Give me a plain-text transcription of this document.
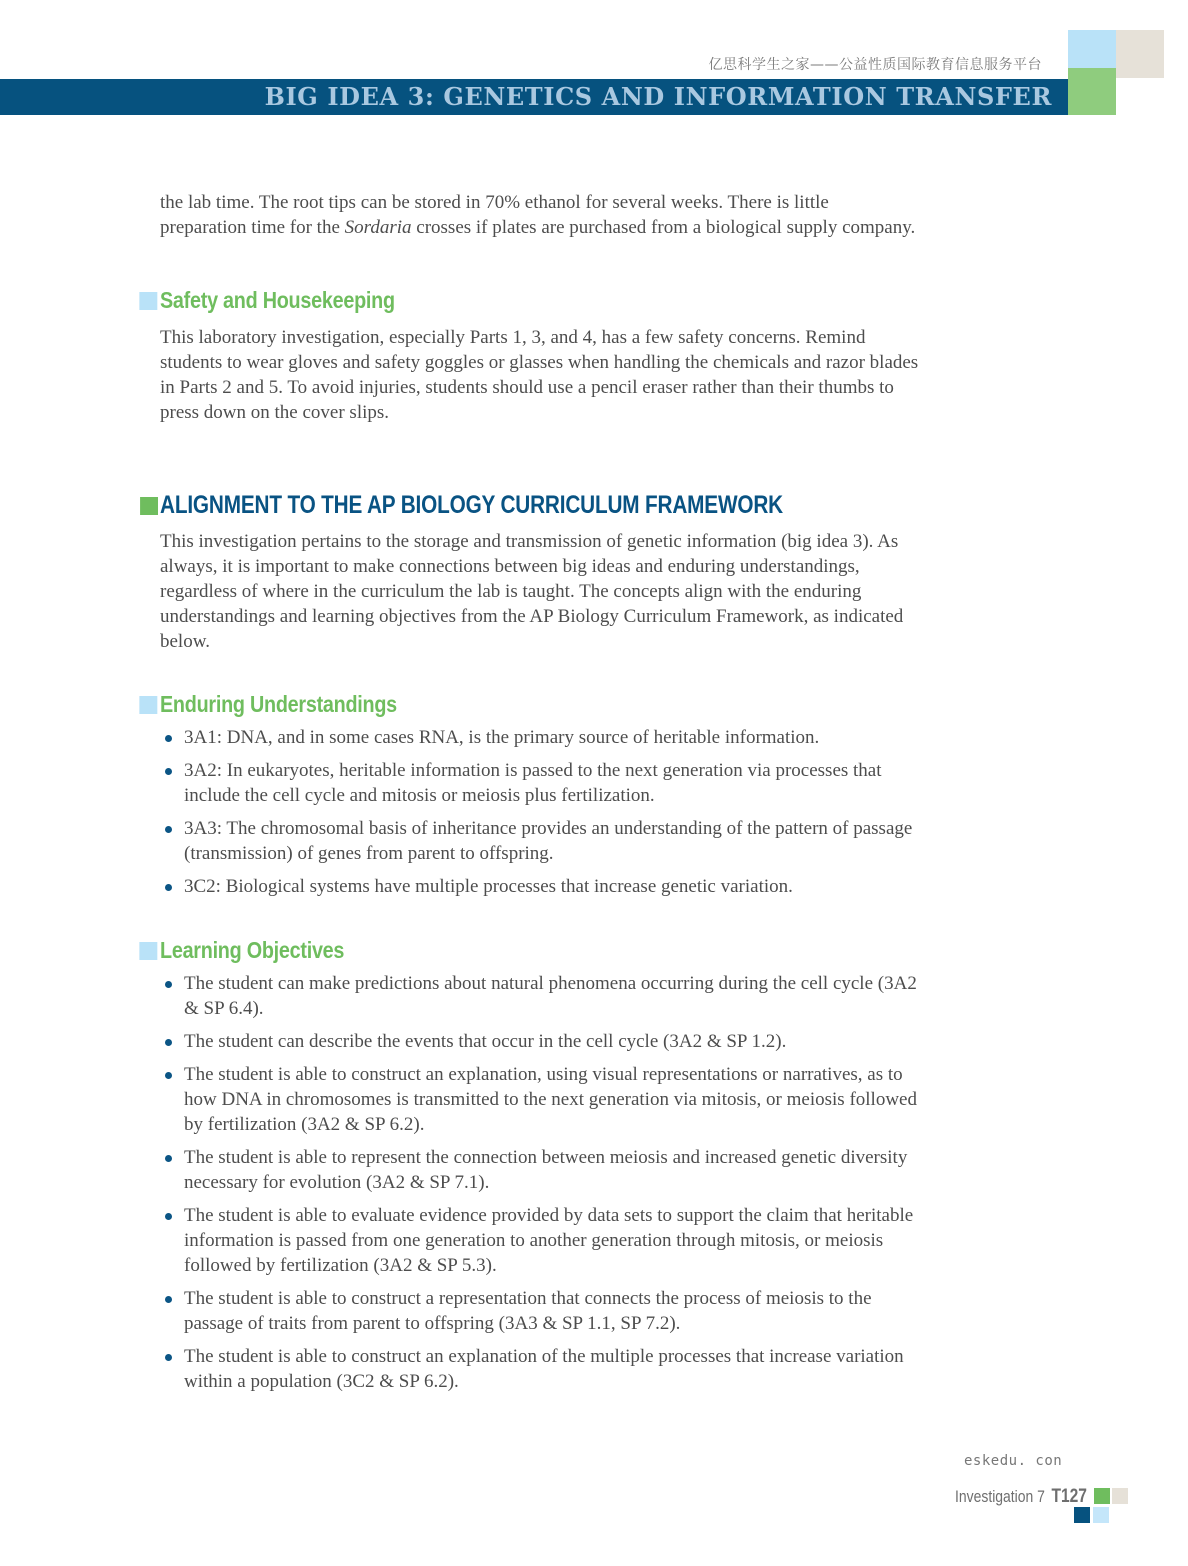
亿思科学生之家——公益性质国际教育信息服务平台
BIG IDEA 3: GENETICS AND INFORMATION TRANSFER

the lab time. The root tips can be stored in 70% ethanol for several weeks. There is little preparation time for the Sordaria crosses if plates are purchased from a biological supply company.

Safety and Housekeeping

This laboratory investigation, especially Parts 1, 3, and 4, has a few safety concerns. Remind students to wear gloves and safety goggles or glasses when handling the chemicals and razor blades in Parts 2 and 5. To avoid injuries, students should use a pencil eraser rather than their thumbs to press down on the cover slips.

ALIGNMENT TO THE AP BIOLOGY CURRICULUM FRAMEWORK

This investigation pertains to the storage and transmission of genetic information (big idea 3). As always, it is important to make connections between big ideas and enduring understandings, regardless of where in the curriculum the lab is taught. The concepts align with the enduring understandings and learning objectives from the AP Biology Curriculum Framework, as indicated below.

Enduring Understandings
3A1: DNA, and in some cases RNA, is the primary source of heritable information.
3A2: In eukaryotes, heritable information is passed to the next generation via processes that include the cell cycle and mitosis or meiosis plus fertilization.
3A3: The chromosomal basis of inheritance provides an understanding of the pattern of passage (transmission) of genes from parent to offspring.
3C2: Biological systems have multiple processes that increase genetic variation.
Learning Objectives
The student can make predictions about natural phenomena occurring during the cell cycle (3A2 & SP 6.4).
The student can describe the events that occur in the cell cycle (3A2 & SP 1.2).
The student is able to construct an explanation, using visual representations or narratives, as to how DNA in chromosomes is transmitted to the next generation via mitosis, or meiosis followed by fertilization (3A2 & SP 6.2).
The student is able to represent the connection between meiosis and increased genetic diversity necessary for evolution (3A2 & SP 7.1).
The student is able to evaluate evidence provided by data sets to support the claim that heritable information is passed from one generation to another generation through mitosis, or meiosis followed by fertilization (3A2 & SP 5.3).
The student is able to construct a representation that connects the process of meiosis to the passage of traits from parent to offspring (3A3 & SP 1.1, SP 7.2).
The student is able to construct an explanation of the multiple processes that increase variation within a population (3C2 & SP 6.2).
eskedu. con
Investigation 7 T127
